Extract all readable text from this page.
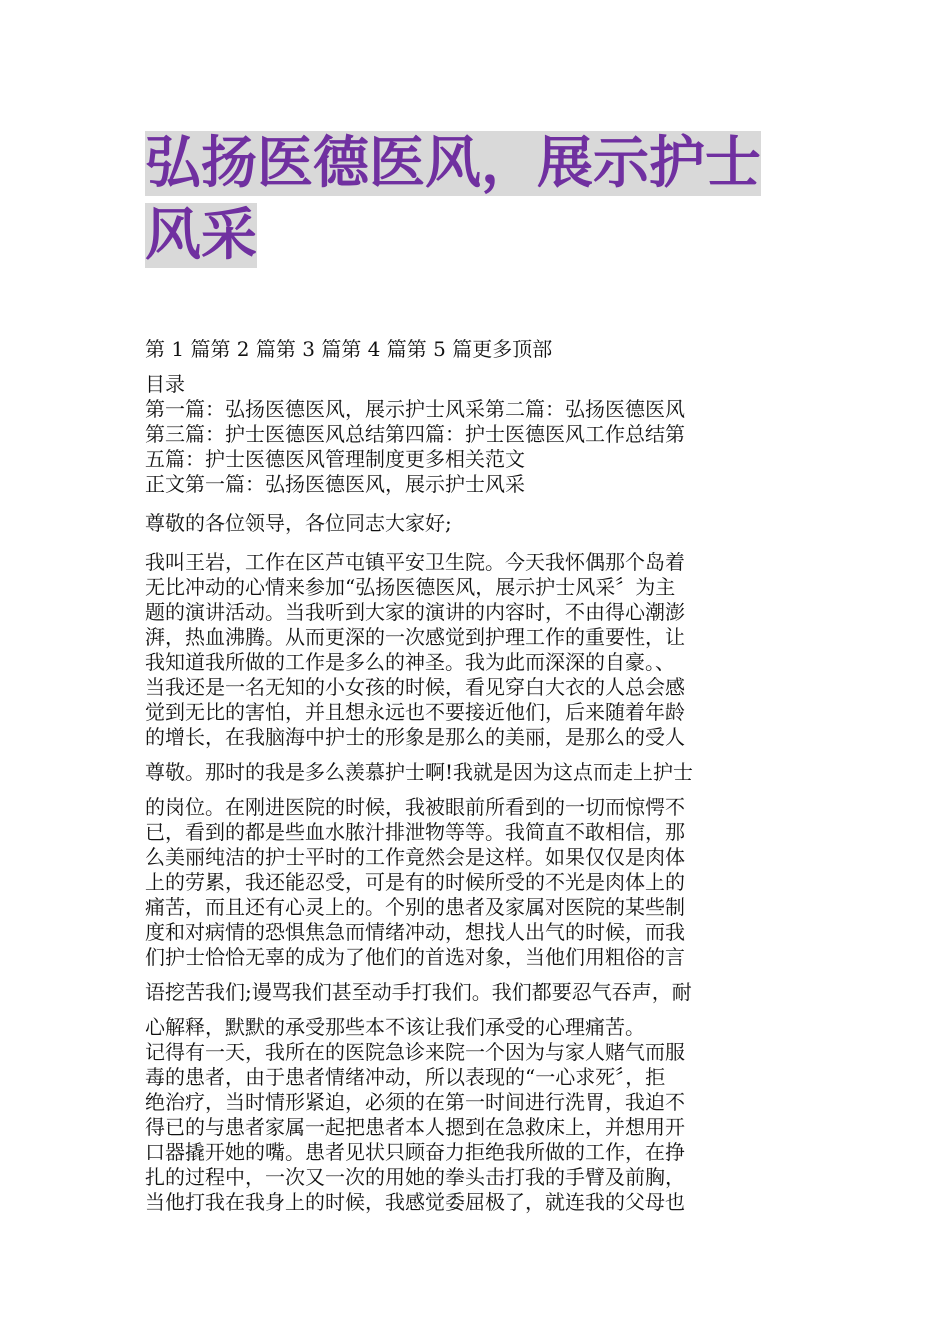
弘扬医德医风，展示护士
风采
第 1 篇第 2 篇第 3 篇第 4 篇第 5 篇更多顶部
目录
第一篇：弘扬医德医风，展示护士风采第二篇：弘扬医德医风
第三篇：护士医德医风总结第四篇：护士医德医风工作总结第
五篇：护士医德医风管理制度更多相关范文
正文第一篇：弘扬医德医风，展示护士风采
尊敬的各位领导，各位同志大家好;
我叫王岩，工作在区芦屯镇平安卫生院。今天我怀偶那个岛着
无比冲动的心情来参加“弘扬医德医风，展示护士风采〞为主
题的演讲活动。当我听到大家的演讲的内容时，不由得心潮澎
湃，热血沸腾。从而更深的一次感觉到护理工作的重要性，让
我知道我所做的工作是多么的神圣。我为此而深深的自豪。、
当我还是一名无知的小女孩的时候，看见穿白大衣的人总会感
觉到无比的害怕，并且想永远也不要接近他们，后来随着年龄
的增长，在我脑海中护士的形象是那么的美丽，是那么的受人
尊敬。那时的我是多么羡慕护士啊!我就是因为这点而走上护士
的岗位。在刚进医院的时候，我被眼前所看到的一切而惊愕不
已，看到的都是些血水脓汁排泄物等等。我简直不敢相信，那
么美丽纯洁的护士平时的工作竟然会是这样。如果仅仅是肉体
上的劳累，我还能忍受，可是有的时候所受的不光是肉体上的
痛苦，而且还有心灵上的。个别的患者及家属对医院的某些制
度和对病情的恐惧焦急而情绪冲动，想找人出气的时候，而我
们护士恰恰无辜的成为了他们的首选对象，当他们用粗俗的言
语挖苦我们;谩骂我们甚至动手打我们。我们都要忍气吞声，耐
心解释，默默的承受那些本不该让我们承受的心理痛苦。
记得有一天，我所在的医院急诊来院一个因为与家人赌气而服
毒的患者，由于患者情绪冲动，所以表现的“一心求死〞，拒
绝治疗，当时情形紧迫，必须的在第一时间进行洗胃，我迫不
得已的与患者家属一起把患者本人摁到在急救床上，并想用开
口器撬开她的嘴。患者见状只顾奋力拒绝我所做的工作，在挣
扎的过程中，一次又一次的用她的拳头击打我的手臂及前胸，
当他打我在我身上的时候，我感觉委屈极了，就连我的父母也
